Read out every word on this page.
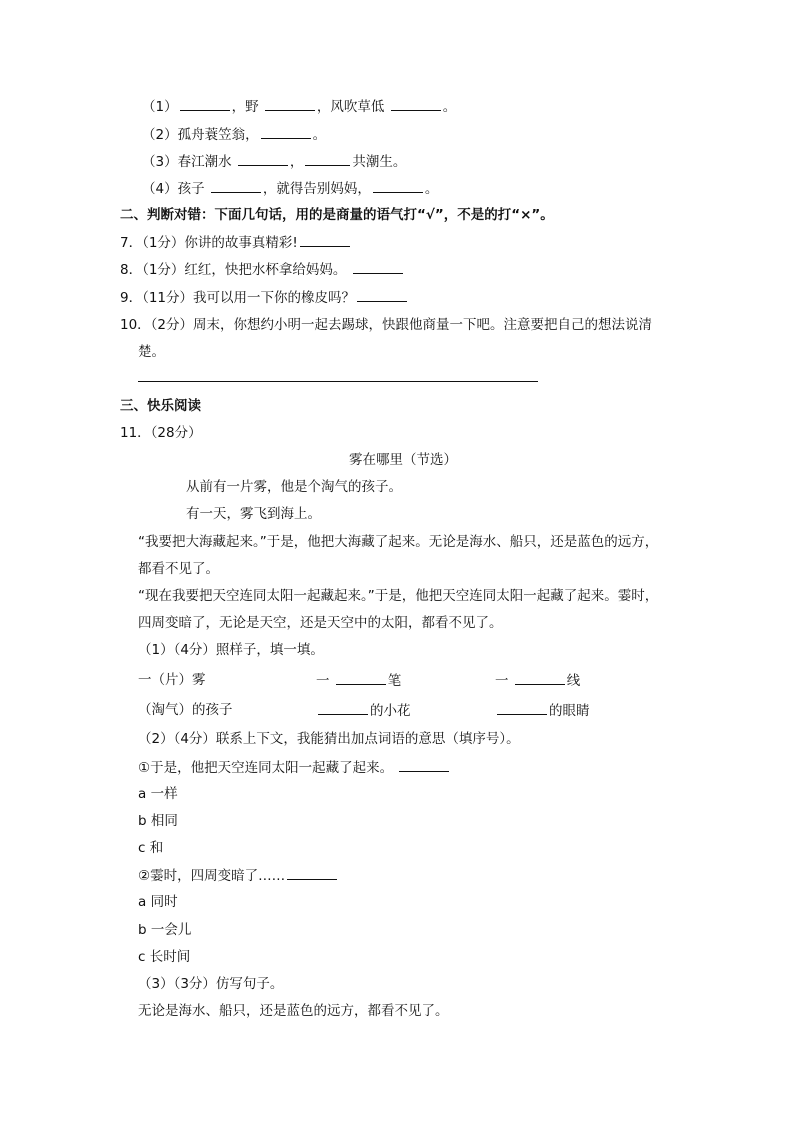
（1）	，野	，风吹草低	。
（2）孤舟蓑笠翁，	。
（3）春江潮水	，	共潮生。
（4）孩子	，就得告别妈妈，	。
二、判断对错：下面几句话，用的是商量的语气打“√”，不是的打“×”。
7．（1分）你讲的故事真精彩!
8．（1分）红红，快把水杯拿给妈妈。
9．（11分）我可以用一下你的橡皮吗？
10．（2分）周末，你想约小明一起去踢球，快跟他商量一下吧。注意要把自己的想法说清
楚。
三、快乐阅读
11．（28分）
雾在哪里（节选）
从前有一片雾，他是个淘气的孩子。
有一天，雾飞到海上。
“我要把大海藏起来。”于是，他把大海藏了起来。无论是海水、船只，还是蓝色的远方，
都看不见了。
“现在我要把天空连同太阳一起藏起来。”于是，他把天空连同太阳一起藏了起来。霎时，
四周变暗了，无论是天空，还是天空中的太阳，都看不见了。
（1）（4分）照样子，填一填。
一（片）雾	一	笔	一	线
（淘气）的孩子	的小花	的眼睛
（2）（4分）联系上下文，我能猜出加点词语的意思（填序号）。
①于是，他把天空连同太阳一起藏了起来。
a 一样
b 相同
c 和
②霎时，四周变暗了……
a 同时
b 一会儿
c 长时间
（3）（3分）仿写句子。
无论是海水、船只，还是蓝色的远方，都看不见了。
